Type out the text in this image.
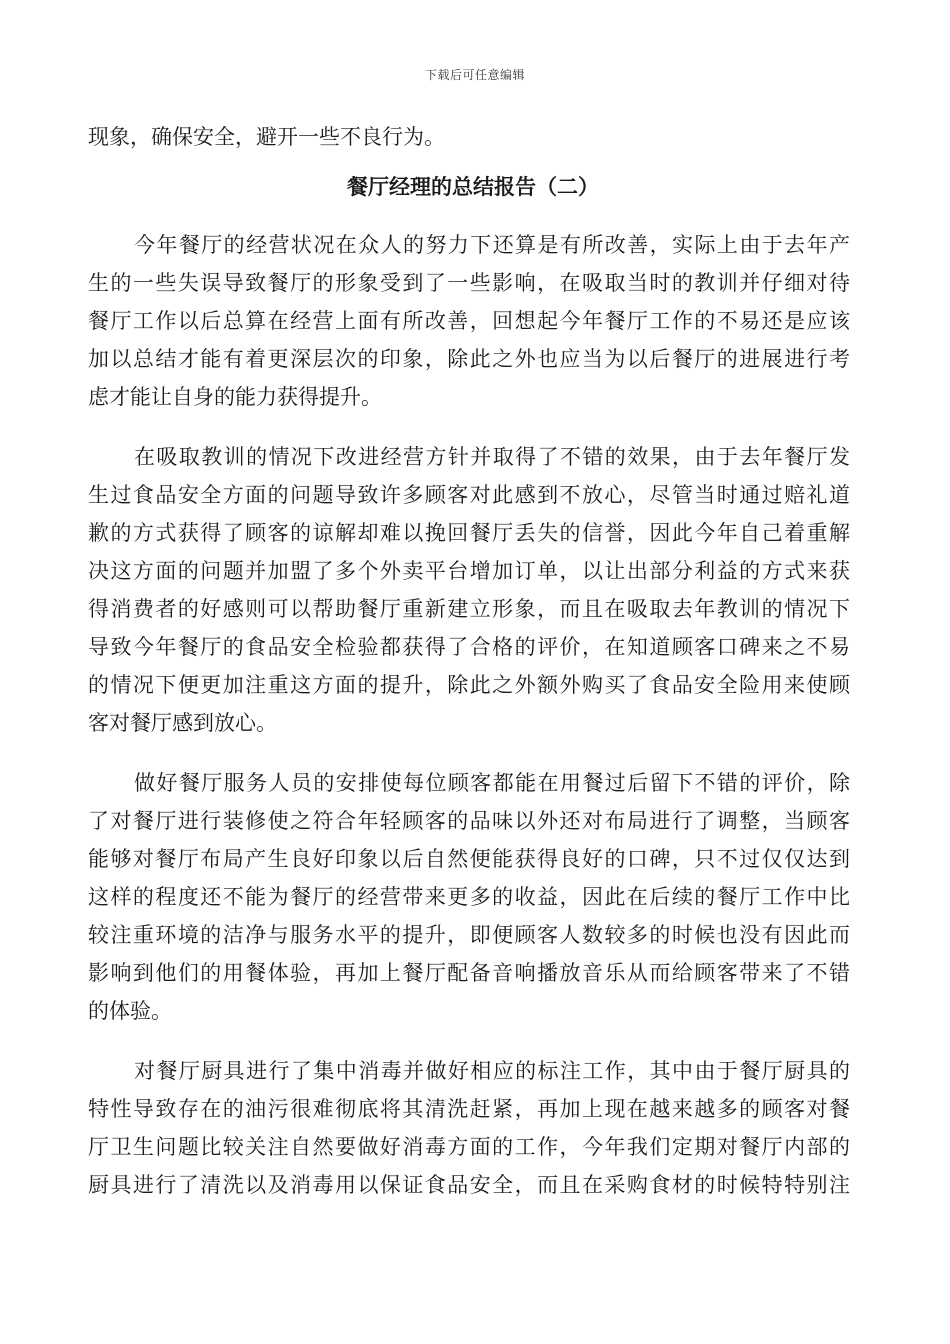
下载后可任意编辑
现象，确保安全，避开一些不良行为。
餐厅经理的总结报告（二）
今年餐厅的经营状况在众人的努力下还算是有所改善，实际上由于去年产
生的一些失误导致餐厅的形象受到了一些影响，在吸取当时的教训并仔细对待
餐厅工作以后总算在经营上面有所改善，回想起今年餐厅工作的不易还是应该
加以总结才能有着更深层次的印象，除此之外也应当为以后餐厅的进展进行考
虑才能让自身的能力获得提升。
在吸取教训的情况下改进经营方针并取得了不错的效果，由于去年餐厅发
生过食品安全方面的问题导致许多顾客对此感到不放心，尽管当时通过赔礼道
歉的方式获得了顾客的谅解却难以挽回餐厅丢失的信誉，因此今年自己着重解
决这方面的问题并加盟了多个外卖平台增加订单，以让出部分利益的方式来获
得消费者的好感则可以帮助餐厅重新建立形象，而且在吸取去年教训的情况下
导致今年餐厅的食品安全检验都获得了合格的评价，在知道顾客口碑来之不易
的情况下便更加注重这方面的提升，除此之外额外购买了食品安全险用来使顾
客对餐厅感到放心。
做好餐厅服务人员的安排使每位顾客都能在用餐过后留下不错的评价，除
了对餐厅进行装修使之符合年轻顾客的品味以外还对布局进行了调整，当顾客
能够对餐厅布局产生良好印象以后自然便能获得良好的口碑，只不过仅仅达到
这样的程度还不能为餐厅的经营带来更多的收益，因此在后续的餐厅工作中比
较注重环境的洁净与服务水平的提升，即便顾客人数较多的时候也没有因此而
影响到他们的用餐体验，再加上餐厅配备音响播放音乐从而给顾客带来了不错
的体验。
对餐厅厨具进行了集中消毒并做好相应的标注工作，其中由于餐厅厨具的
特性导致存在的油污很难彻底将其清洗赶紧，再加上现在越来越多的顾客对餐
厅卫生问题比较关注自然要做好消毒方面的工作，今年我们定期对餐厅内部的
厨具进行了清洗以及消毒用以保证食品安全，而且在采购食材的时候特特别注
